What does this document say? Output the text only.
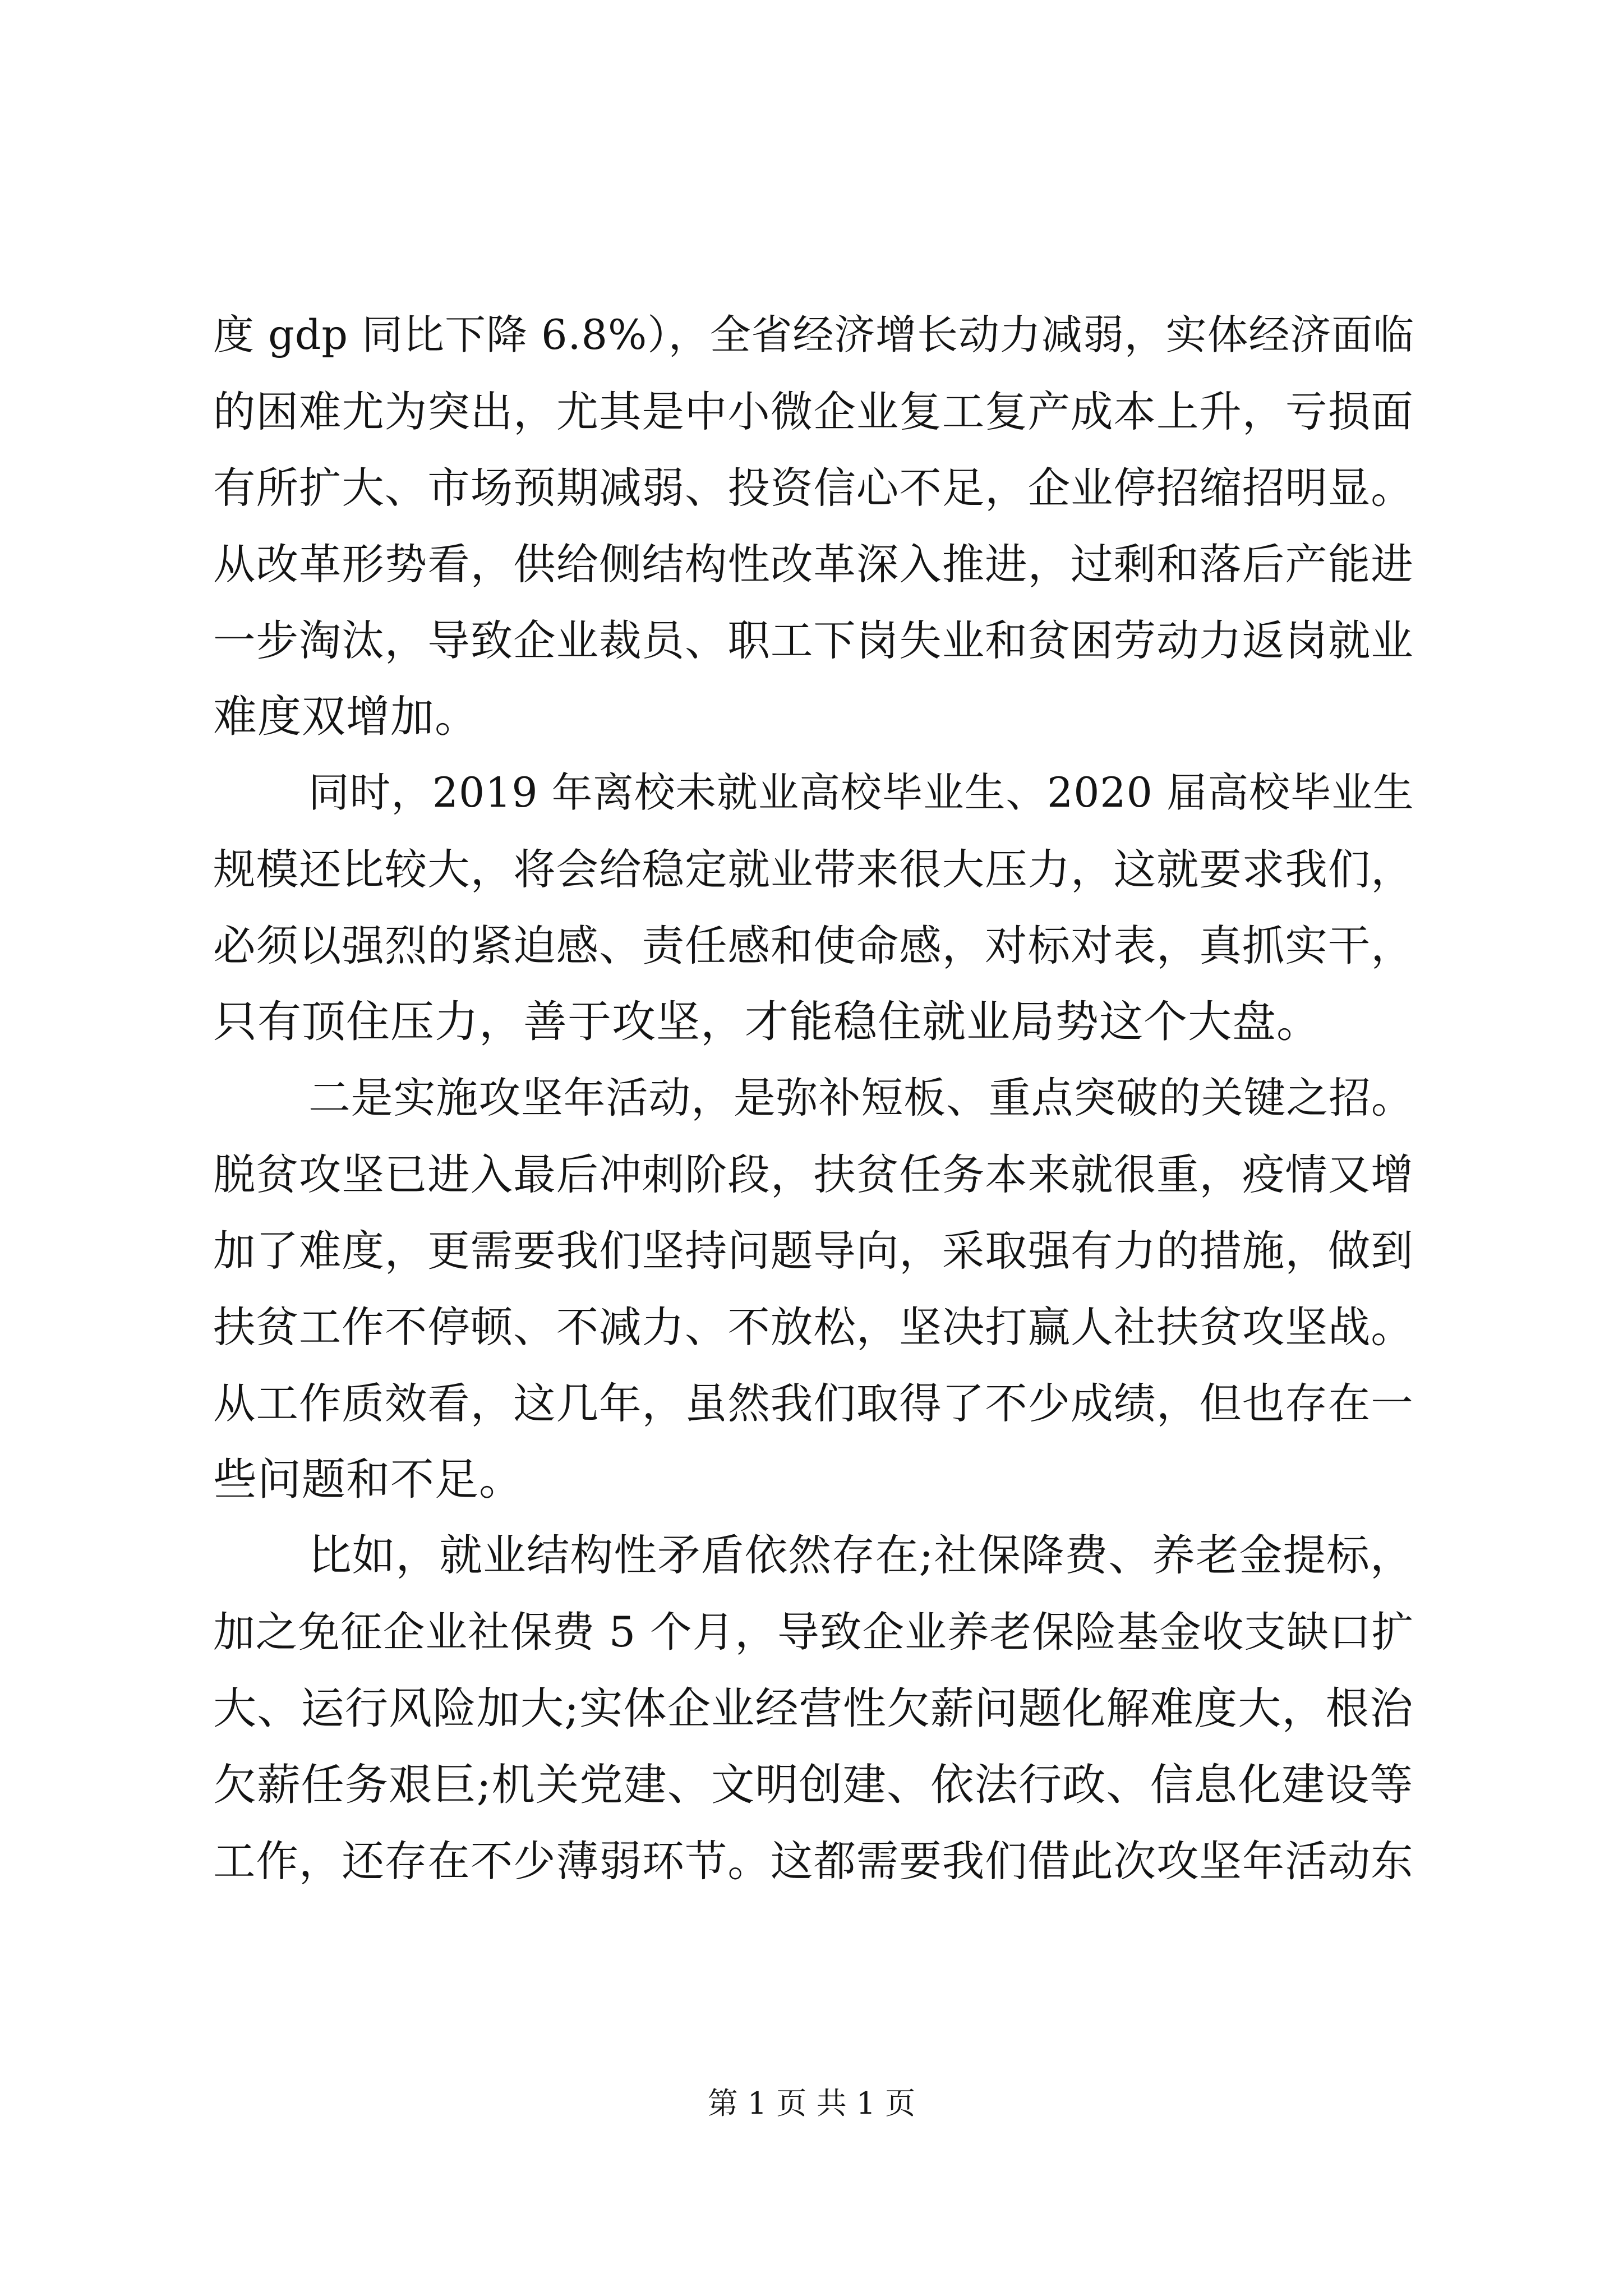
度 gdp 同比下降 6.8%），全省经济增长动力减弱，实体经济面临
的困难尤为突出，尤其是中小微企业复工复产成本上升，亏损面
有所扩大、市场预期减弱、投资信心不足，企业停招缩招明显。
从改革形势看，供给侧结构性改革深入推进，过剩和落后产能进
一步淘汰，导致企业裁员、职工下岗失业和贫困劳动力返岗就业
难度双增加。
同时，2019 年离校未就业高校毕业生、2020 届高校毕业生
规模还比较大，将会给稳定就业带来很大压力，这就要求我们，
必须以强烈的紧迫感、责任感和使命感，对标对表，真抓实干，
只有顶住压力，善于攻坚，才能稳住就业局势这个大盘。
二是实施攻坚年活动，是弥补短板、重点突破的关键之招。
脱贫攻坚已进入最后冲刺阶段，扶贫任务本来就很重，疫情又增
加了难度，更需要我们坚持问题导向，采取强有力的措施，做到
扶贫工作不停顿、不减力、不放松，坚决打赢人社扶贫攻坚战。
从工作质效看，这几年，虽然我们取得了不少成绩，但也存在一
些问题和不足。
比如，就业结构性矛盾依然存在;社保降费、养老金提标，
加之免征企业社保费 5 个月，导致企业养老保险基金收支缺口扩
大、运行风险加大;实体企业经营性欠薪问题化解难度大，根治
欠薪任务艰巨;机关党建、文明创建、依法行政、信息化建设等
工作，还存在不少薄弱环节。这都需要我们借此次攻坚年活动东
第 1 页 共 1 页
